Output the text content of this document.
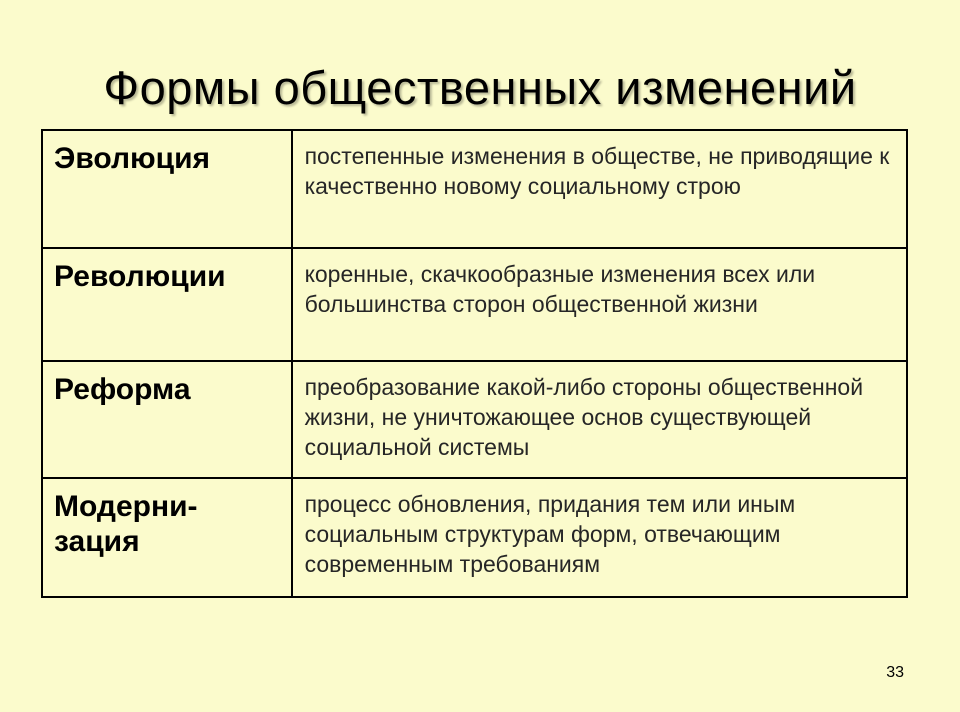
Формы общественных изменений
Эволюция	постепенные изменения в обществе, не приводящие к качественно новому социальному строю

Революции	коренные, скачкообразные изменения всех или большинства сторон общественной жизни

Реформа	преобразование какой-либо стороны общественной жизни, не уничтожающее основ существующей социальной системы

Модерни-зация	процесс обновления, придания тем или иным социальным структурам форм, отвечающим современным требованиям
33
